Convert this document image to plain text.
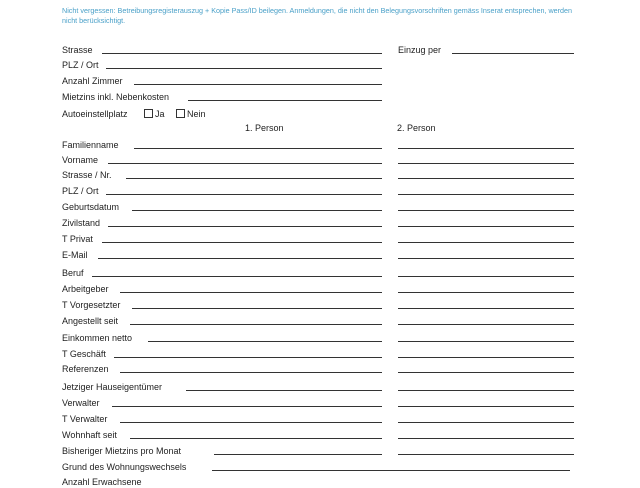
Nicht vergessen: Betreibungsregisterauszug + Kopie Pass/ID beilegen. Anmeldungen, die nicht den Belegungsvorschriften gemäss Inserat entsprechen, werden nicht berücksichtigt.
Strasse	Einzug per
PLZ / Ort
Anzahl Zimmer
Mietzins inkl. Nebenkosten
Autoeinstellplatz	Ja	Nein
1. Person	2. Person
Familienname
Vorname
Strasse / Nr.
PLZ / Ort
Geburtsdatum
Zivilstand
T Privat
E-Mail
Beruf
Arbeitgeber
T Vorgesetzter
Angestellt seit
Einkommen netto
T Geschäft
Referenzen
Jetziger Hauseigentümer
Verwalter
T Verwalter
Wohnhaft seit
Bisheriger Mietzins pro Monat
Grund des Wohnungswechsels
Anzahl Erwachsene
